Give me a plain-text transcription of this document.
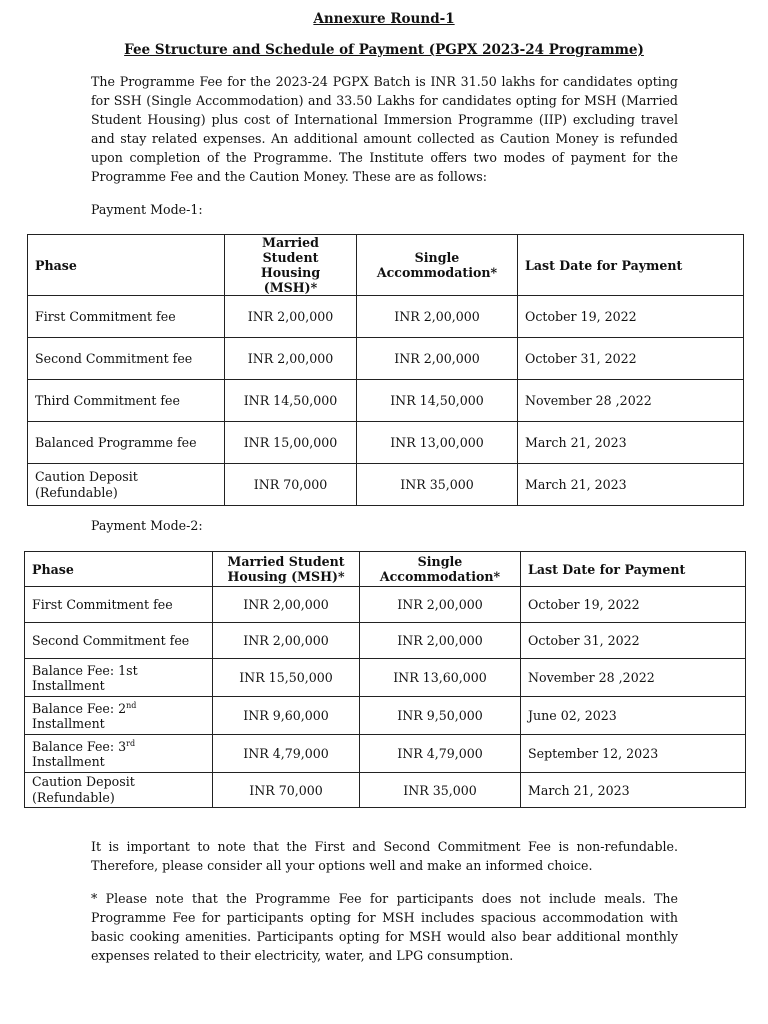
Annexure Round-1
Fee Structure and Schedule of Payment (PGPX 2023-24 Programme)

The Programme Fee for the 2023-24 PGPX Batch is INR 31.50 lakhs for candidates opting for SSH (Single Accommodation) and 33.50 Lakhs for candidates opting for MSH (Married Student Housing) plus cost of International Immersion Programme (IIP) excluding travel and stay related expenses. An additional amount collected as Caution Money is refunded upon completion of the Programme. The Institute offers two modes of payment for the Programme Fee and the Caution Money. These are as follows:

Payment Mode-1:
Phase	Married Student Housing (MSH)*	Single Accommodation*	Last Date for Payment
First Commitment fee	INR 2,00,000	INR 2,00,000	October 19, 2022
Second Commitment fee	INR 2,00,000	INR 2,00,000	October 31, 2022
Third Commitment fee	INR 14,50,000	INR 14,50,000	November 28 ,2022
Balanced Programme fee	INR 15,00,000	INR 13,00,000	March 21, 2023
Caution Deposit (Refundable)	INR 70,000	INR 35,000	March 21, 2023
Payment Mode-2:
Phase	Married Student Housing (MSH)*	Single Accommodation*	Last Date for Payment
First Commitment fee	INR 2,00,000	INR 2,00,000	October 19, 2022
Second Commitment fee	INR 2,00,000	INR 2,00,000	October 31, 2022
Balance Fee: 1st Installment	INR 15,50,000	INR 13,60,000	November 28 ,2022
Balance Fee: 2nd Installment	INR 9,60,000	INR 9,50,000	June 02, 2023
Balance Fee: 3rd Installment	INR 4,79,000	INR 4,79,000	September 12, 2023
Caution Deposit (Refundable)	INR 70,000	INR 35,000	March 21, 2023

It is important to note that the First and Second Commitment Fee is non-refundable. Therefore, please consider all your options well and make an informed choice.

* Please note that the Programme Fee for participants does not include meals. The Programme Fee for participants opting for MSH includes spacious accommodation with basic cooking amenities. Participants opting for MSH would also bear additional monthly expenses related to their electricity, water, and LPG consumption.
